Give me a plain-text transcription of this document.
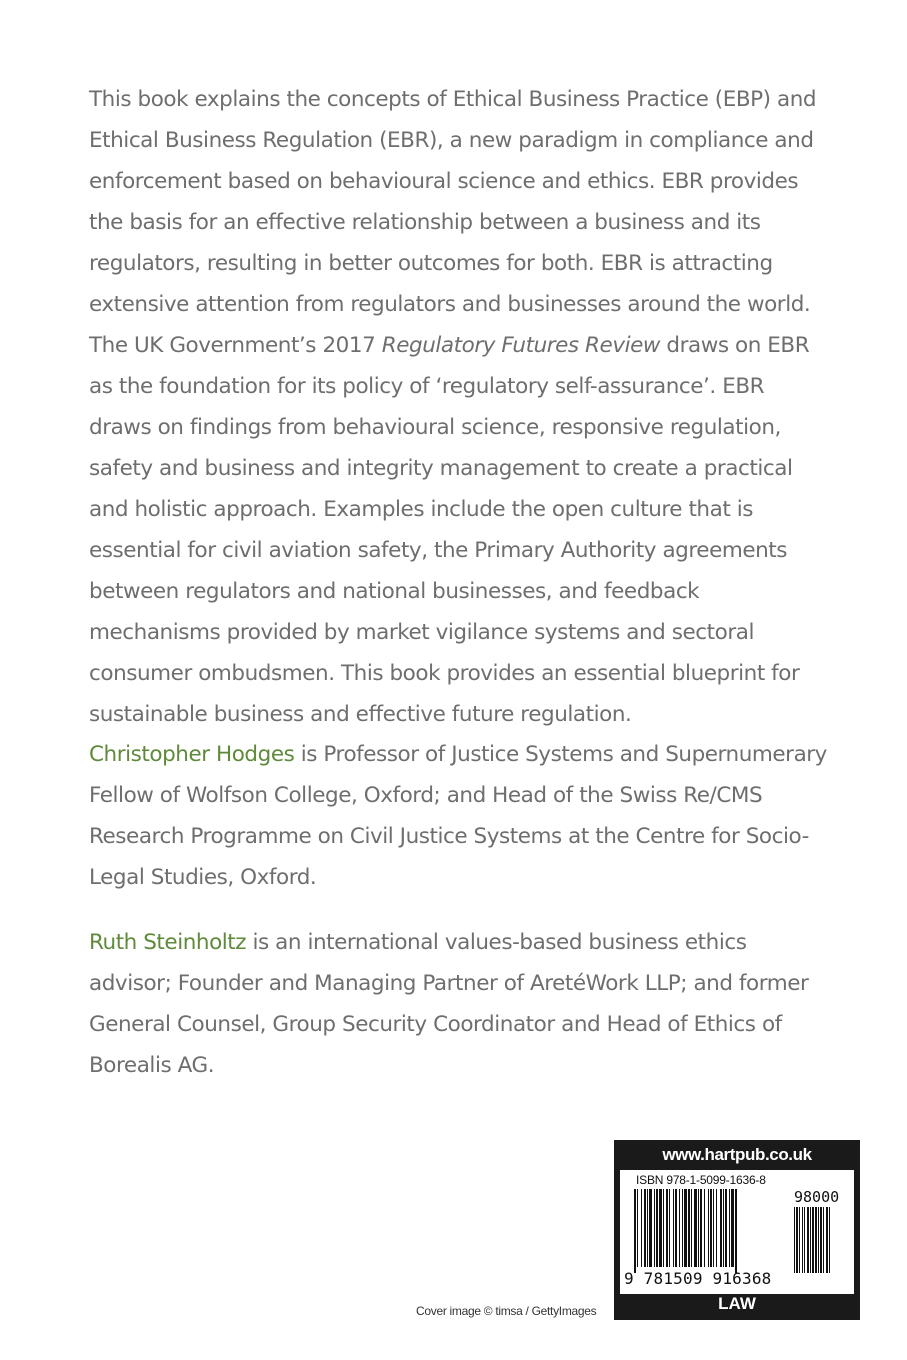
This book explains the concepts of Ethical Business Practice (EBP) and Ethical Business Regulation (EBR), a new paradigm in compliance and enforcement based on behavioural science and ethics. EBR provides the basis for an effective relationship between a business and its regulators, resulting in better outcomes for both. EBR is attracting extensive attention from regulators and businesses around the world. The UK Government’s 2017 Regulatory Futures Review draws on EBR as the foundation for its policy of ‘regulatory self-assurance’. EBR draws on findings from behavioural science, responsive regulation, safety and business and integrity management to create a practical and holistic approach. Examples include the open culture that is essential for civil aviation safety, the Primary Authority agreements between regulators and national businesses, and feedback mechanisms provided by market vigilance systems and sectoral consumer ombudsmen. This book provides an essential blueprint for sustainable business and effective future regulation.

Christopher Hodges is Professor of Justice Systems and Supernumerary Fellow of Wolfson College, Oxford; and Head of the Swiss Re/CMS Research Programme on Civil Justice Systems at the Centre for Socio-Legal Studies, Oxford.

Ruth Steinholtz is an international values-based business ethics advisor; Founder and Managing Partner of AretéWork LLP; and former General Counsel, Group Security Coordinator and Head of Ethics of Borealis AG.

Cover image © timsa / GettyImages
www.hartpub.co.uk
ISBN 978-1-5099-1636-8
98000
9 781509 916368
LAW
